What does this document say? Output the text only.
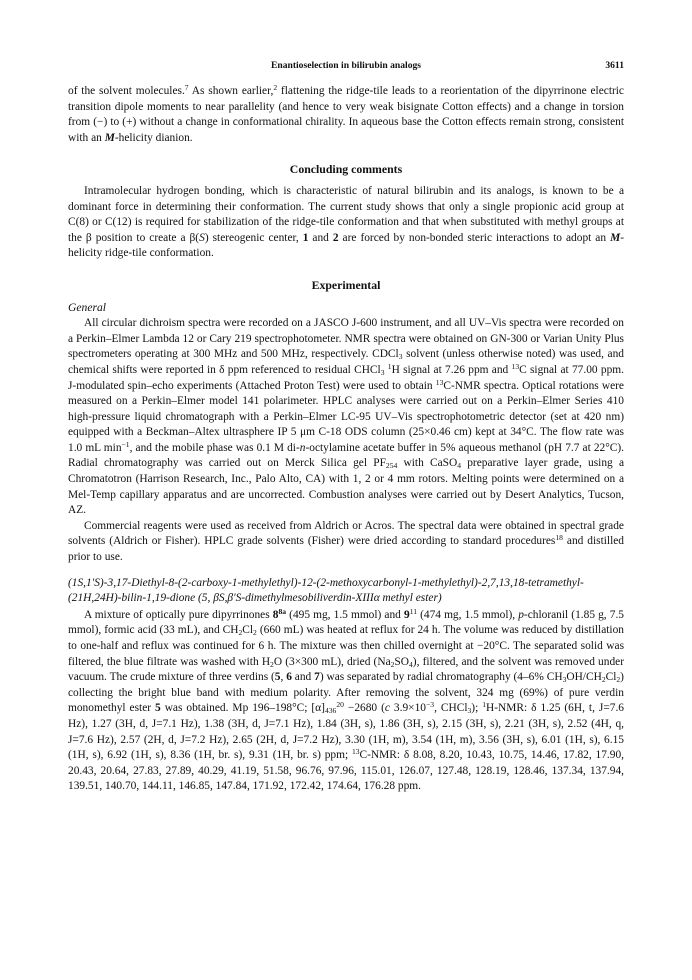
Enantioselection in bilirubin analogs	3611

of the solvent molecules.$^7$ As shown earlier,$^2$ flattening the ridge-tile leads to a reorientation of the dipyrrinone electric transition dipole moments to near parallelity (and hence to very weak bisignate Cotton effects) and a change in torsion from (−) to (+) without a change in conformational chirality. In aqueous base the Cotton effects remain strong, consistent with an M-helicity dianion.

Concluding comments

Intramolecular hydrogen bonding, which is characteristic of natural bilirubin and its analogs, is known to be a dominant force in determining their conformation. The current study shows that only a single propionic acid group at C(8) or C(12) is required for stabilization of the ridge-tile conformation and that when substituted with methyl groups at the β position to create a β(S) stereogenic center, 1 and 2 are forced by non-bonded steric interactions to adopt an M-helicity ridge-tile conformation.

Experimental
General

All circular dichroism spectra were recorded on a JASCO J-600 instrument, and all UV–Vis spectra were recorded on a Perkin–Elmer Lambda 12 or Cary 219 spectrophotometer. NMR spectra were obtained on GN-300 or Varian Unity Plus spectrometers operating at 300 MHz and 500 MHz, respectively. CDCl$_3$ solvent (unless otherwise noted) was used, and chemical shifts were reported in δ ppm referenced to residual CHCl$_3$ $^1$H signal at 7.26 ppm and $^{13}$C signal at 77.00 ppm. J-modulated spin–echo experiments (Attached Proton Test) were used to obtain $^{13}$C-NMR spectra. Optical rotations were measured on a Perkin–Elmer model 141 polarimeter. HPLC analyses were carried out on a Perkin–Elmer Series 410 high-pressure liquid chromatograph with a Perkin–Elmer LC-95 UV–Vis spectrophotometric detector (set at 420 nm) equipped with a Beckman–Altex ultrasphere IP 5 μm C-18 ODS column (25×0.46 cm) kept at 34°C. The flow rate was 1.0 mL $\min^{-1}$, and the mobile phase was 0.1 M di-n-octylamine acetate buffer in 5% aqueous methanol (pH 7.7 at 22°C). Radial chromatography was carried out on Merck Silica gel $PF_{254}$ with CaSO$_4$ preparative layer grade, using a Chromatotron (Harrison Research, Inc., Palo Alto, CA) with 1, 2 or 4 mm rotors. Melting points were determined on a Mel-Temp capillary apparatus and are uncorrected. Combustion analyses were carried out by Desert Analytics, Tucson, AZ.

Commercial reagents were used as received from Aldrich or Acros. The spectral data were obtained in spectral grade solvents (Aldrich or Fisher). HPLC grade solvents (Fisher) were dried according to standard procedures$^{18}$ and distilled prior to use.

(1S,1′S)-3,17-Diethyl-8-(2-carboxy-1-methylethyl)-12-(2-methoxycarbonyl-1-methylethyl)-2,7,13,18-tetramethyl-(21H,24H)-bilin-1,19-dione (5, βS,β′S-dimethylmesobiliverdin-XIIIα methyl ester)

A mixture of optically pure dipyrrinones $8^{8a}$ (495 mg, 1.5 mmol) and $9^{11}$ (474 mg, 1.5 mmol), p-chloranil (1.85 g, 7.5 mmol), formic acid (33 mL), and $CH_2Cl_2$ (660 mL) was heated at reflux for 24 h. The volume was reduced by distillation to one-half and reflux was continued for 6 h. The mixture was then chilled overnight at −20°C. The separated solid was filtered, the blue filtrate was washed with $H_2O$ (3×300 mL), dried $(Na_2SO_4)$, filtered, and the solvent was removed under vacuum. The crude mixture of three verdins (5, 6 and 7) was separated by radial chromatography (4–6% $CH_3OH/CH_2Cl_2$) collecting the bright blue band with medium polarity. After removing the solvent, 324 mg (69%) of pure verdin monomethyl ester 5 was obtained. Mp 196–198°C; $[\alpha]_{436}^{20} -2680$ (c $3.9\times 10^{-3}$, CHCl$_3$); $^1$H-NMR: δ 1.25 (6H, t, J=7.6 Hz), 1.27 (3H, d, J=7.1 Hz), 1.38 (3H, d, J=7.1 Hz), 1.84 (3H, s), 1.86 (3H, s), 2.15 (3H, s), 2.21 (3H, s), 2.52 (4H, q, J=7.6 Hz), 2.57 (2H, d, J=7.2 Hz), 2.65 (2H, d, J=7.2 Hz), 3.30 (1H, m), 3.54 (1H, m), 3.56 (3H, s), 6.01 (1H, s), 6.15 (1H, s), 6.92 (1H, s), 8.36 (1H, br. s), 9.31 (1H, br. s) ppm; $^{13}$C-NMR: δ 8.08, 8.20, 10.43, 10.75, 14.46, 17.82, 17.90, 20.43, 20.64, 27.83, 27.89, 40.29, 41.19, 51.58, 96.76, 97.96, 115.01, 126.07, 127.48, 128.19, 128.46, 137.34, 137.94, 139.51, 140.70, 144.11, 146.85, 147.84, 171.92, 172.42, 174.64, 176.28 ppm.
